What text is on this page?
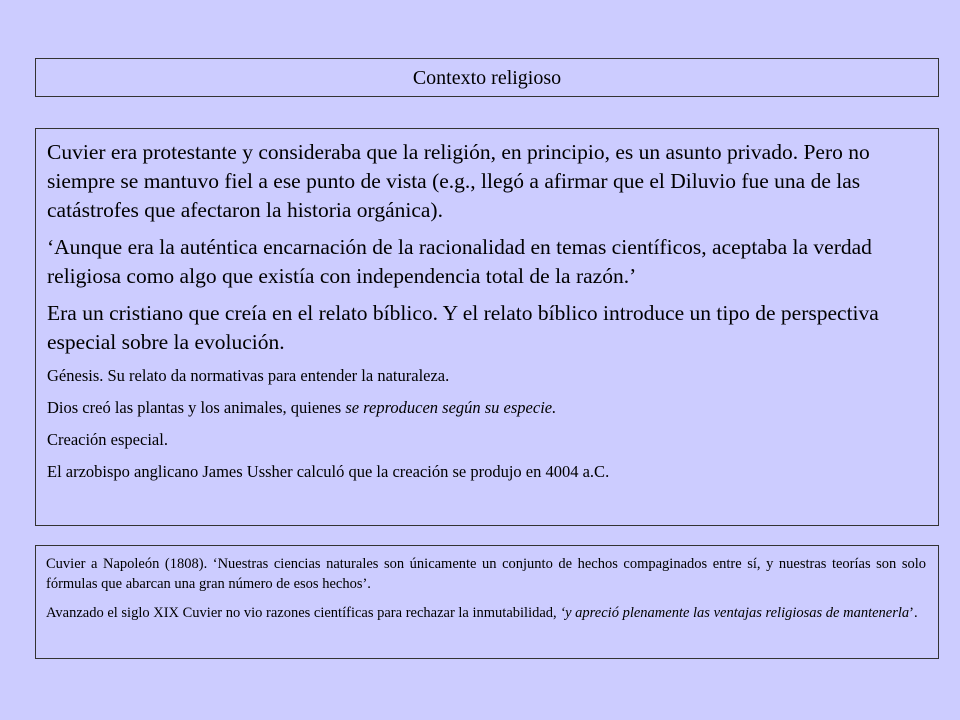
Contexto religioso

Cuvier era protestante y consideraba que la religión, en principio, es un asunto privado. Pero no siempre se mantuvo fiel a ese punto de vista (e.g., llegó a afirmar que el Diluvio fue una de las catástrofes que afectaron la historia orgánica).

‘Aunque era la auténtica encarnación de la racionalidad en temas científicos, aceptaba la verdad religiosa como algo que existía con independencia total de la razón.’

Era un cristiano que creía en el relato bíblico. Y el relato bíblico introduce un tipo de perspectiva especial sobre la evolución.

Génesis. Su relato da normativas para entender la naturaleza.

Dios creó las plantas y los animales, quienes se reproducen según su especie.

Creación especial.

El arzobispo anglicano James Ussher calculó que la creación se produjo en 4004 a.C.

Cuvier a Napoleón (1808). ‘Nuestras ciencias naturales son únicamente un conjunto de hechos compaginados entre sí, y nuestras teorías son solo fórmulas que abarcan una gran número de esos hechos’.

Avanzado el siglo XIX Cuvier no vio razones científicas para rechazar la inmutabilidad, ‘y apreció plenamente las ventajas religiosas de mantenerla’.
